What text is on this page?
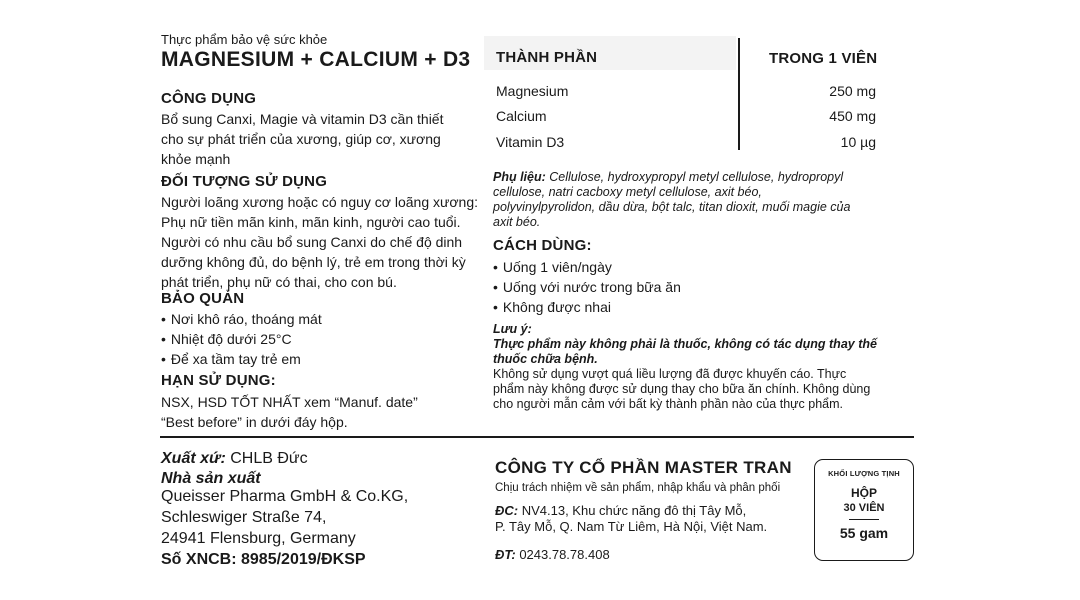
Thực phẩm bảo vệ sức khỏe
MAGNESIUM + CALCIUM + D3
CÔNG DỤNG
Bổ sung Canxi, Magie và vitamin D3 cần thiết
cho sự phát triển của xương, giúp cơ, xương
khỏe mạnh
ĐỐI TƯỢNG SỬ DỤNG
Người loãng xương hoặc có nguy cơ loãng xương:
Phụ nữ tiền mãn kinh, mãn kinh, người cao tuổi.
Người có nhu cầu bổ sung Canxi do chế độ dinh
dưỡng không đủ, do bệnh lý, trẻ em trong thời kỳ
phát triển, phụ nữ có thai, cho con bú.
BẢO QUẢN
• Nơi khô ráo, thoáng mát
• Nhiệt độ dưới 25°C
• Để xa tầm tay trẻ em
HẠN SỬ DỤNG:
NSX, HSD TỐT NHẤT xem “Manuf. date”
“Best before” in dưới đáy hộp.
THÀNH PHẦN	TRONG 1 VIÊN
Magnesium	250 mg
Calcium	450 mg
Vitamin D3	10 µg
Phụ liệu: Cellulose, hydroxypropyl metyl cellulose, hydropropyl
cellulose, natri cacboxy metyl cellulose, axit béo,
polyvinylpyrolidon, dầu dừa, bột talc, titan dioxit, muối magie của
axit béo.
CÁCH DÙNG:
• Uống 1 viên/ngày
• Uống với nước trong bữa ăn
• Không được nhai
Lưu ý:
Thực phẩm này không phải là thuốc, không có tác dụng thay thế
thuốc chữa bệnh.
Không sử dụng vượt quá liều lượng đã được khuyến cáo. Thực
phẩm này không được sử dụng thay cho bữa ăn chính. Không dùng
cho người mẫn cảm với bất kỳ thành phần nào của thực phẩm.
Xuất xứ: CHLB Đức
Nhà sản xuất
Queisser Pharma GmbH & Co.KG,
Schleswiger Straße 74,
24941 Flensburg, Germany
Số XNCB: 8985/2019/ĐKSP
CÔNG TY CỔ PHẦN MASTER TRAN
Chịu trách nhiệm về sản phẩm, nhập khẩu và phân phối
ĐC: NV4.13, Khu chức năng đô thị Tây Mỗ,
P. Tây Mỗ, Q. Nam Từ Liêm, Hà Nội, Việt Nam.
ĐT: 0243.78.78.408
KHỐI LƯỢNG TỊNH
HỘP
30 VIÊN
55 gam
